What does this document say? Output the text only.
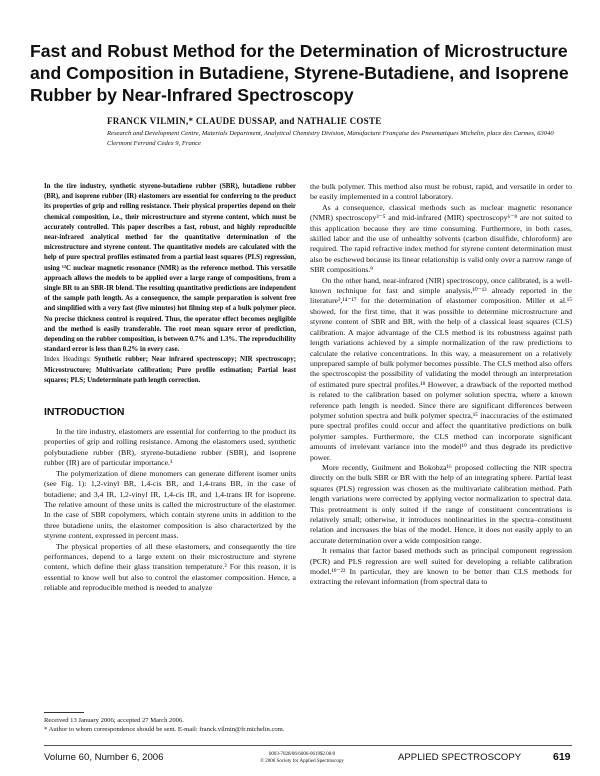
Fast and Robust Method for the Determination of Microstructure and Composition in Butadiene, Styrene-Butadiene, and Isoprene Rubber by Near-Infrared Spectroscopy

FRANCK VILMIN,* CLAUDE DUSSAP, and NATHALIE COSTE

Research and Development Centre, Materials Department, Analytical Chemistry Division, Manufacture Française des Pneumatiques Michelin, place des Carmes, 63040 Clermont Ferrand Cedex 9, France

In the tire industry, synthetic styrene-butadiene rubber (SBR), butadiene rubber (BR), and isoprene rubber (IR) elastomers are essential for conferring to the product its properties of grip and rolling resistance. Their physical properties depend on their chemical composition, i.e., their microstructure and styrene content, which must be accurately controlled. This paper describes a fast, robust, and highly reproducible near-infrared analytical method for the quantitative determination of the microstructure and styrene content. The quantitative models are calculated with the help of pure spectral profiles estimated from a partial least squares (PLS) regression, using ¹³C nuclear magnetic resonance (NMR) as the reference method. This versatile approach allows the models to be applied over a large range of compositions, from a single BR to an SBR-IR blend. The resulting quantitative predictions are independent of the sample path length. As a consequence, the sample preparation is solvent free and simplified with a very fast (five minutes) hot filming step of a bulk polymer piece. No precise thickness control is required. Thus, the operator effect becomes negligible and the method is easily transferable. The root mean square error of prediction, depending on the rubber composition, is between 0.7% and 1.3%. The reproducibility standard error is less than 0.2% in every case.

Index Headings: Synthetic rubber; Near infrared spectroscopy; NIR spectroscopy; Microstructure; Multivariate calibration; Pure profile estimation; Partial least squares; PLS; Undeterminate path length correction.

INTRODUCTION

In the tire industry, elastomers are essential for conferring to the product its properties of grip and rolling resistance. Among the elastomers used, synthetic polybutadiene rubber (BR), styrene-butadiene rubber (SBR), and isoprene rubber (IR) are of particular importance.¹

The polymerization of diene monomers can generate different isomer units (see Fig. 1): 1,2-vinyl BR, 1,4-cis BR, and 1,4-trans BR, in the case of butadiene; and 3,4 IR, 1,2-vinyl IR, 1,4-cis IR, and 1,4-trans IR for isoprene. The relative amount of these units is called the microstructure of the elastomer. In the case of SBR copolymers, which contain styrene units in addition to the three butadiene units, the elastomer composition is also characterized by the styrene content, expressed in percent mass.

The physical properties of all these elastomers, and consequently the tire performances, depend to a large extent on their microstructure and styrene content, which define their glass transition temperature.² For this reason, it is essential to know well but also to control the elastomer composition. Hence, a reliable and reproducible method is needed to analyze

the bulk polymer. This method also must be robust, rapid, and versatile in order to be easily implemented in a control laboratory.

As a consequence, classical methods such as nuclear magnetic resonance (NMR) spectroscopy³⁻⁵ and mid-infrared (MIR) spectroscopy⁶⁻⁸ are not suited to this application because they are time consuming. Furthermore, in both cases, skilled labor and the use of unhealthy solvents (carbon disulfide, chloroform) are required. The rapid refractive index method for styrene content determination must also be eschewed because its linear relationship is valid only over a narrow range of SBR compositions.⁹

On the other hand, near-infrared (NIR) spectroscopy, once calibrated, is a well-known technique for fast and simple analysis,¹⁰⁻¹³ already reported in the literature³,¹⁴⁻¹⁷ for the determination of elastomer composition. Miller et al.¹⁵ showed, for the first time, that it was possible to determine microstructure and styrene content of SBR and BR, with the help of a classical least squares (CLS) calibration. A major advantage of the CLS method is its robustness against path length variations achieved by a simple normalization of the raw predictions to calculate the relative concentrations. In this way, a measurement on a relatively unprepared sample of bulk polymer becomes possible. The CLS method also offers the spectroscopist the possibility of validating the model through an interpretation of estimated pure spectral profiles.¹⁸ However, a drawback of the reported method is related to the calibration based on polymer solution spectra, where a known reference path length is needed. Since there are significant differences between polymer solution spectra and bulk polymer spectra,¹⁵ inaccuracies of the estimated pure spectral profiles could occur and affect the quantitative predictions on bulk polymer samples. Furthermore, the CLS method can incorporate significant amounts of irrelevant variance into the model¹⁹ and thus degrade its predictive power.

More recently, Guilment and Bokobza¹⁶ proposed collecting the NIR spectra directly on the bulk SBR or BR with the help of an integrating sphere. Partial least squares (PLS) regression was chosen as the multivariate calibration method. Path length variations were corrected by applying vector normalization to spectral data. This pretreatment is only suited if the range of constituent concentrations is relatively small; otherwise, it introduces nonlinearities in the spectra–constituent relation and increases the bias of the model. Hence, it does not easily apply to an accurate determination over a wide composition range.

It remains that factor based methods such as principal component regression (PCR) and PLS regression are well suited for developing a reliable calibration model.¹⁹⁻²² In particular, they are known to be better than CLS methods for extracting the relevant information (from spectral data to

Received 13 January 2006; accepted 27 March 2006.
* Author to whom correspondence should be sent. E-mail: franck.vilmin@fr.michelin.com.

Volume 60, Number 6, 2006	0003-7028/06/6006-0619$2.00/0
© 2006 Society for Applied Spectroscopy	APPLIED SPECTROSCOPY	619
